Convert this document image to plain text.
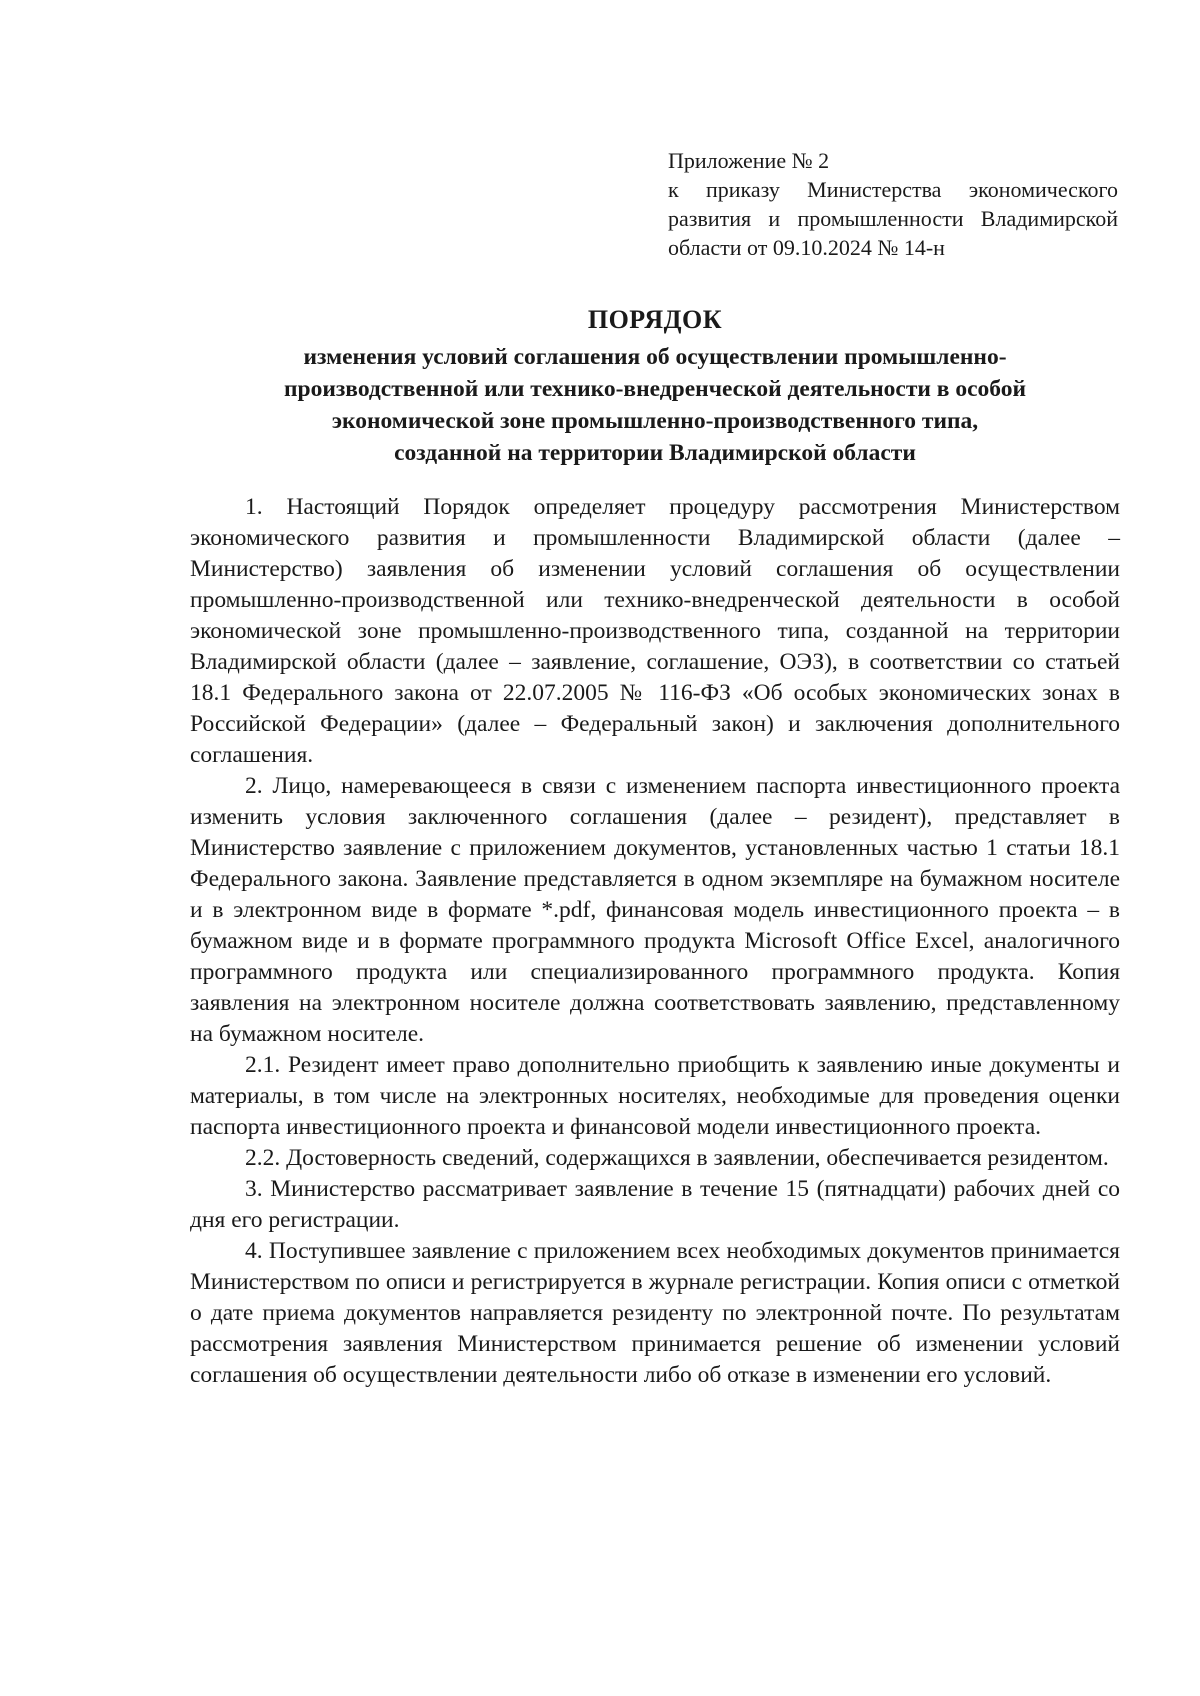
Приложение № 2
к приказу Министерства экономического
развития и промышленности Владимирской
области от 09.10.2024 № 14-н
ПОРЯДОК
изменения условий соглашения об осуществлении промышленно-
производственной или технико-внедренческой деятельности в особой
экономической зоне промышленно-производственного типа,
созданной на территории Владимирской области

1. Настоящий Порядок определяет процедуру рассмотрения Министерством экономического развития и промышленности Владимирской области (далее – Министерство) заявления об изменении условий соглашения об осуществлении промышленно-производственной или технико-внедренческой деятельности в особой экономической зоне промышленно-производственного типа, созданной на территории Владимирской области (далее – заявление, соглашение, ОЭЗ), в соответствии со статьей 18.1 Федерального закона от 22.07.2005 № 116-ФЗ «Об особых экономических зонах в Российской Федерации» (далее – Федеральный закон) и заключения дополнительного соглашения.

2. Лицо, намеревающееся в связи с изменением паспорта инвестиционного проекта изменить условия заключенного соглашения (далее – резидент), представляет в Министерство заявление с приложением документов, установленных частью 1 статьи 18.1 Федерального закона. Заявление представляется в одном экземпляре на бумажном носителе и в электронном виде в формате *.pdf, финансовая модель инвестиционного проекта – в бумажном виде и в формате программного продукта Microsoft Office Excel, аналогичного программного продукта или специализированного программного продукта. Копия заявления на электронном носителе должна соответствовать заявлению, представленному на бумажном носителе.

2.1. Резидент имеет право дополнительно приобщить к заявлению иные документы и материалы, в том числе на электронных носителях, необходимые для проведения оценки паспорта инвестиционного проекта и финансовой модели инвестиционного проекта.

2.2. Достоверность сведений, содержащихся в заявлении, обеспечивается резидентом.

3. Министерство рассматривает заявление в течение 15 (пятнадцати) рабочих дней со дня его регистрации.

4. Поступившее заявление с приложением всех необходимых документов принимается Министерством по описи и регистрируется в журнале регистрации. Копия описи с отметкой о дате приема документов направляется резиденту по электронной почте. По результатам рассмотрения заявления Министерством принимается решение об изменении условий соглашения об осуществлении деятельности либо об отказе в изменении его условий.
